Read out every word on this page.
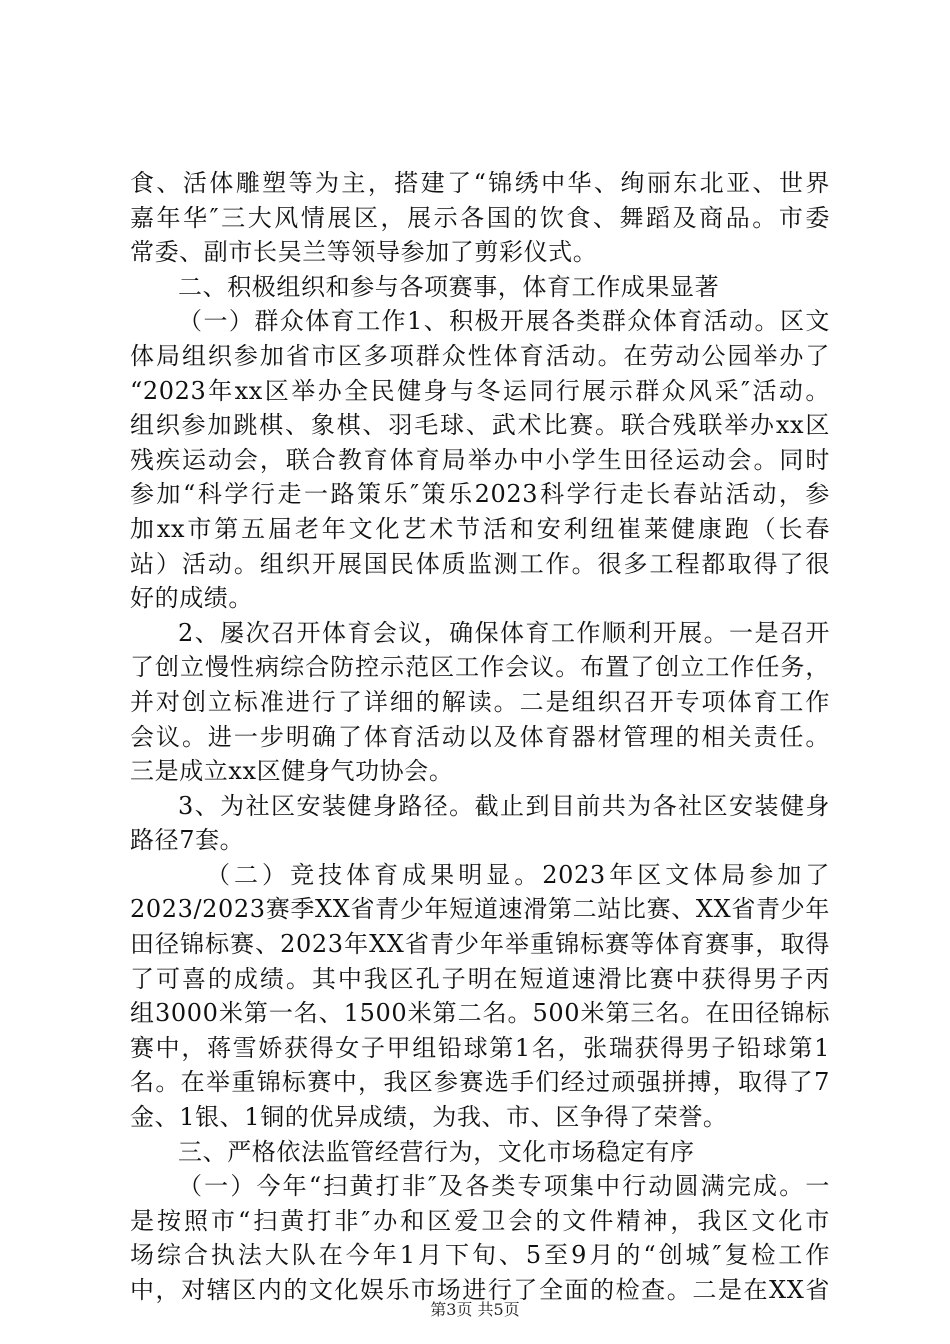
食、活体雕塑等为主，搭建了“锦绣中华、绚丽东北亚、世界
嘉年华″三大风情展区，展示各国的饮食、舞蹈及商品。市委
常委、副市长吴兰等领导参加了剪彩仪式。
二、积极组织和参与各项赛事，体育工作成果显著
（一）群众体育工作1、积极开展各类群众体育活动。区文
体局组织参加省市区多项群众性体育活动。在劳动公园举办了
“2023年xx区举办全民健身与冬运同行展示群众风采″活动。
组织参加跳棋、象棋、羽毛球、武术比赛。联合残联举办xx区
残疾运动会，联合教育体育局举办中小学生田径运动会。同时
参加“科学行走一路策乐″策乐2023科学行走长春站活动，参
加xx市第五届老年文化艺术节活和安利纽崔莱健康跑（长春
站）活动。组织开展国民体质监测工作。很多工程都取得了很
好的成绩。
2、屡次召开体育会议，确保体育工作顺利开展。一是召开
了创立慢性病综合防控示范区工作会议。布置了创立工作任务，
并对创立标准进行了详细的解读。二是组织召开专项体育工作
会议。进一步明确了体育活动以及体育器材管理的相关责任。
三是成立xx区健身气功协会。
3、为社区安装健身路径。截止到目前共为各社区安装健身
路径7套。
（二）竞技体育成果明显。2023年区文体局参加了
2023/2023赛季XX省青少年短道速滑第二站比赛、XX省青少年
田径锦标赛、2023年XX省青少年举重锦标赛等体育赛事，取得
了可喜的成绩。其中我区孔子明在短道速滑比赛中获得男子丙
组3000米第一名、1500米第二名。500米第三名。在田径锦标
赛中，蒋雪娇获得女子甲组铅球第1名，张瑞获得男子铅球第1
名。在举重锦标赛中，我区参赛选手们经过顽强拼搏，取得了7
金、1银、1铜的优异成绩，为我、市、区争得了荣誉。
三、严格依法监管经营行为，文化市场稳定有序
（一）今年“扫黄打非″及各类专项集中行动圆满完成。一
是按照市“扫黄打非″办和区爱卫会的文件精神，我区文化市
场综合执法大队在今年1月下旬、5至9月的“创城″复检工作
中，对辖区内的文化娱乐市场进行了全面的检查。二是在XX省
第3页 共5页
